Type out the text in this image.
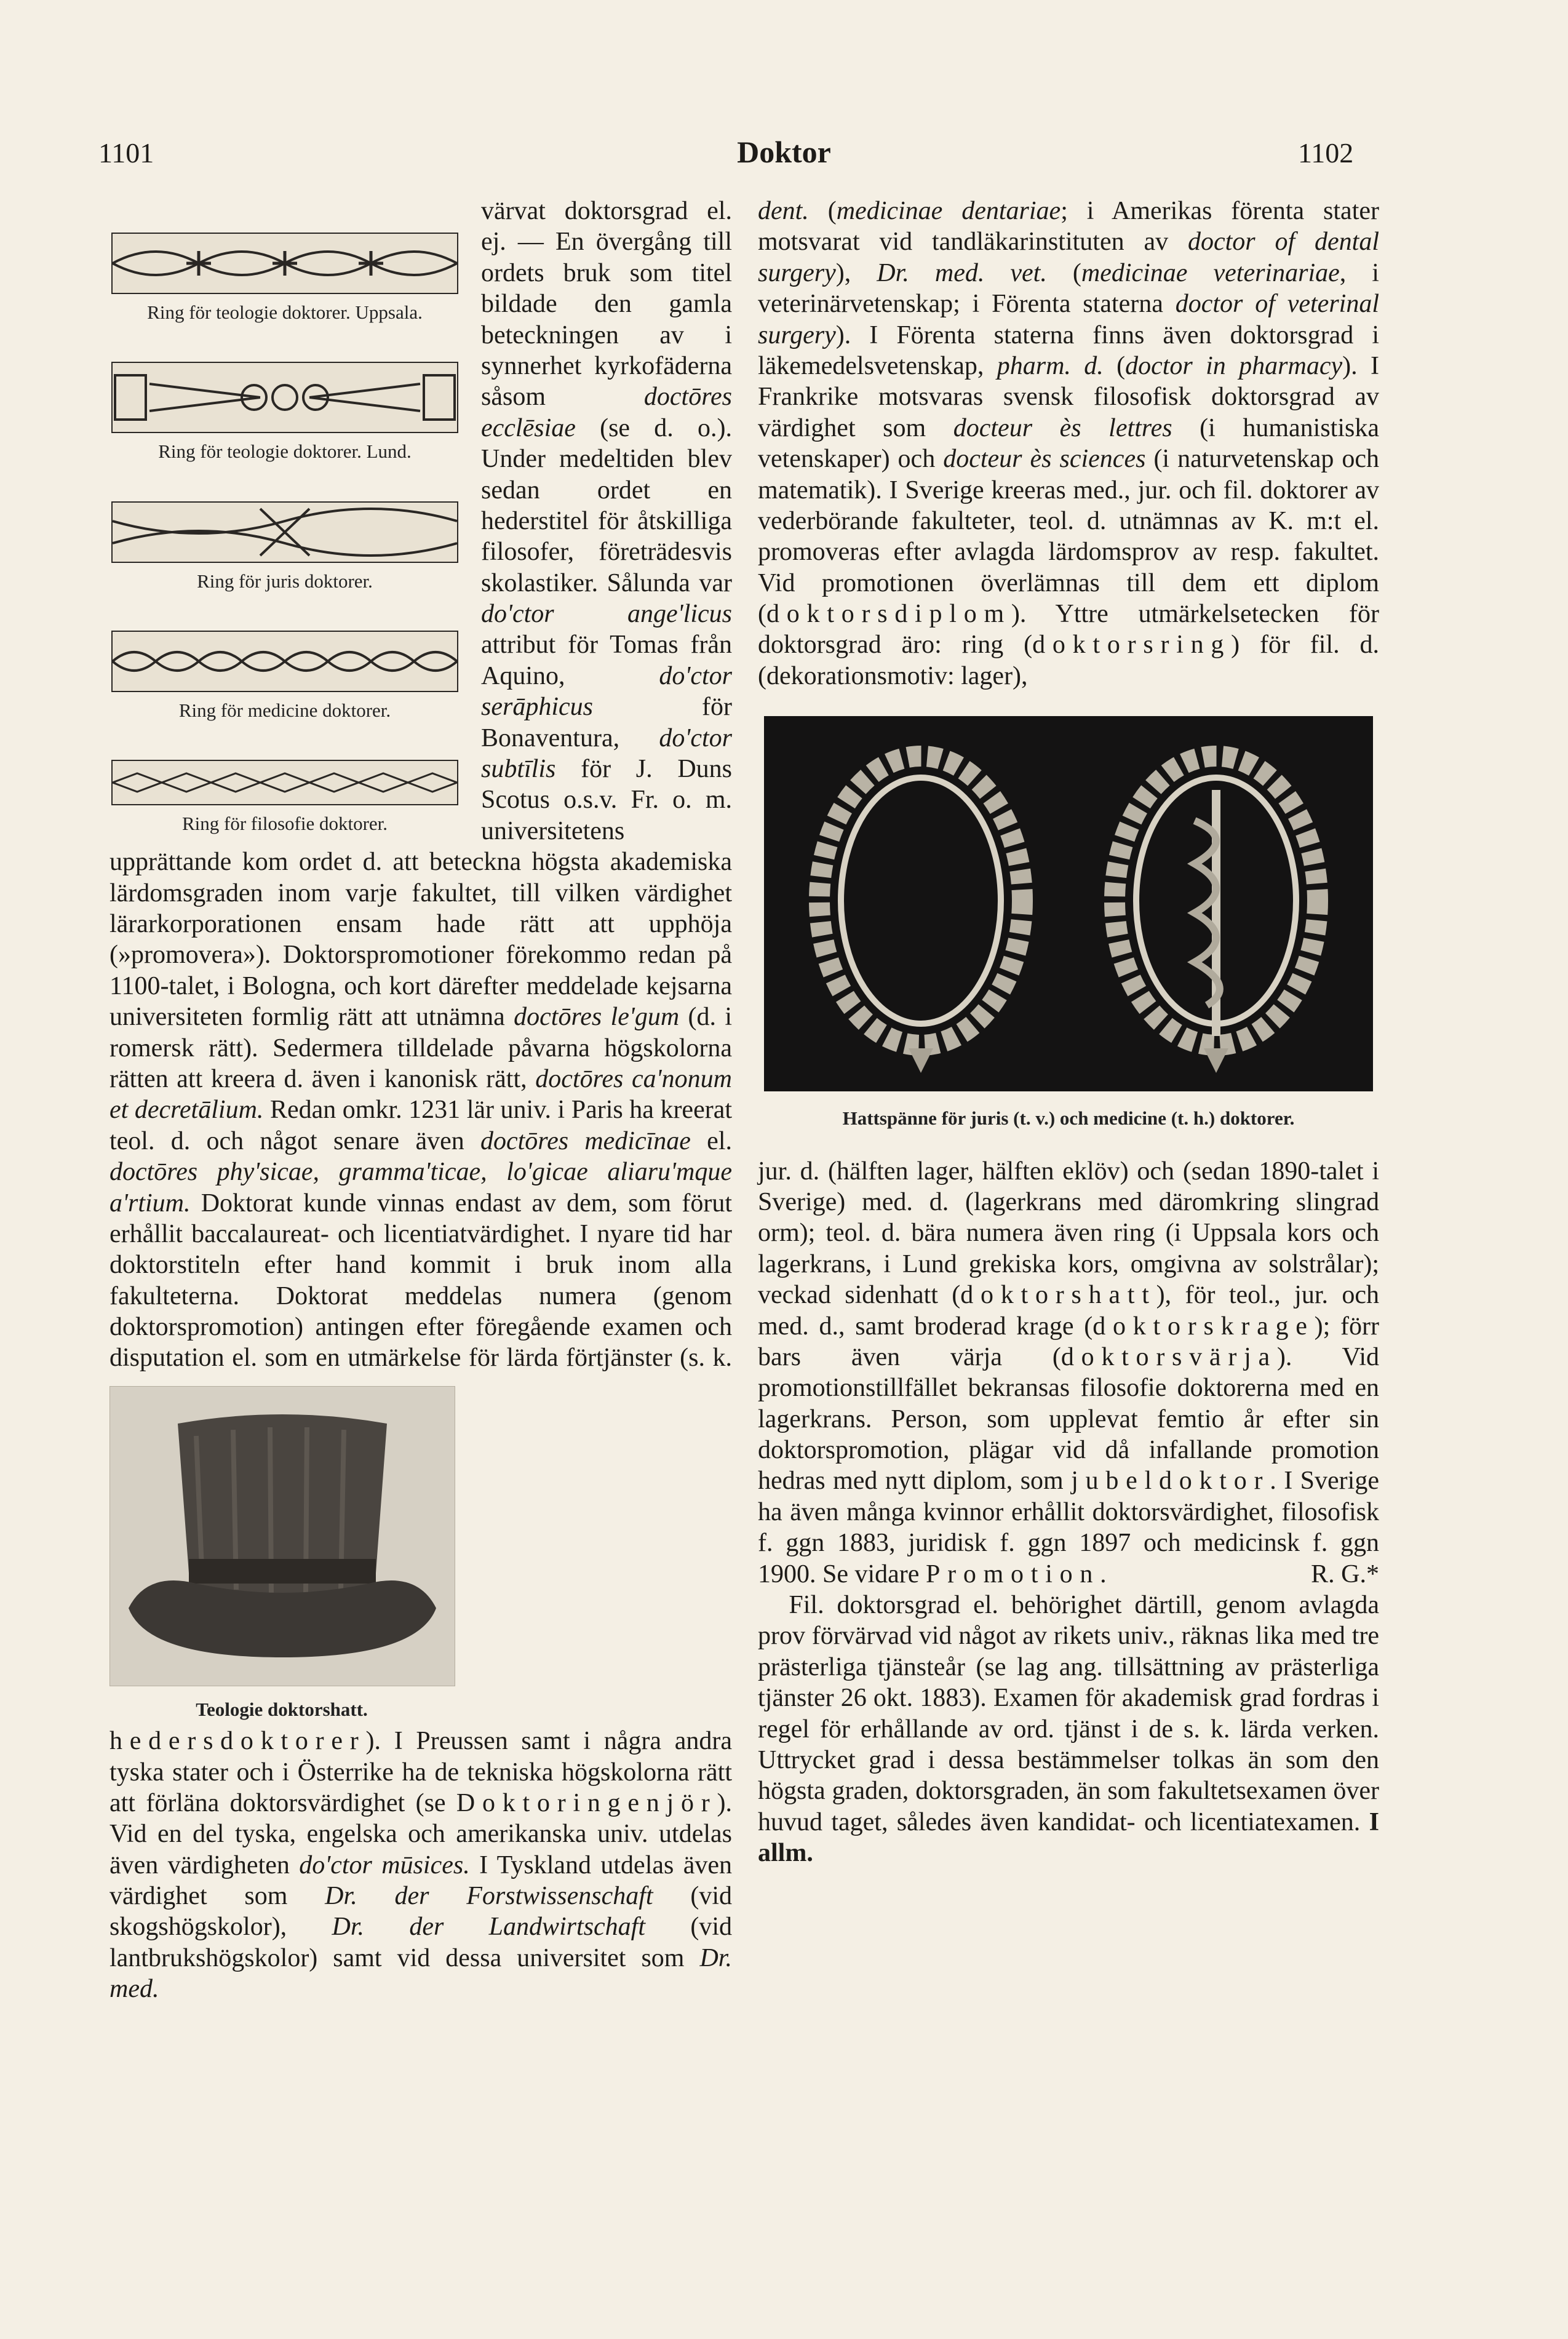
1101	Doktor	1102
Ring för teologie doktorer. Uppsala.
Ring för teologie doktorer. Lund.
Ring för juris doktorer.
Ring för medicine doktorer.
Ring för filosofie doktorer.

värvat doktorsgrad el. ej. — En övergång till ordets bruk som titel bildade den gamla beteckningen av i synnerhet kyrkofäderna såsom doctōres ecclēsiae (se d. o.). Under medeltiden blev sedan ordet en hederstitel för åtskilliga filosofer, företrädesvis skolastiker. Sålunda var do'ctor ange'licus attribut för Tomas från Aquino, do'ctor serāphicus för Bonaventura, do'ctor subtīlis för J. Duns Scotus o.s.v. Fr. o. m. universitetens upprättande kom ordet d. att beteckna högsta akademiska lärdomsgraden inom varje fakultet, till vilken värdighet lärarkorporationen ensam hade rätt att upphöja (»promovera»). Doktorspromotioner förekommo redan på 1100-talet, i Bologna, och kort därefter meddelade kejsarna universiteten formlig rätt att utnämna doctōres le'gum (d. i romersk rätt). Sedermera tilldelade påvarna högskolorna rätten att kreera d. även i kanonisk rätt, doctōres ca'nonum et decretālium. Redan omkr. 1231 lär univ. i Paris ha kreerat teol. d. och något senare även doctōres medicīnae el. doctōres phy'sicae, gramma'ticae, lo'gicae aliaru'mque a'rtium. Doktorat kunde vinnas endast av dem, som förut erhållit baccalaureat- och licentiatvärdighet. I nyare tid har doktorstiteln efter hand kommit i bruk inom alla fakulteterna. Doktorat meddelas numera (genom doktorspromotion) antingen efter föregående examen och disputation el. som en utmärkelse för lärda förtjänster (s. k.
Teologie doktorshatt.
hedersdoktorer). I Preussen samt i några andra tyska stater och i Österrike ha de tekniska högskolorna rätt att förläna doktorsvärdighet (se Doktoringenjör). Vid en del tyska, engelska och amerikanska univ. utdelas även värdigheten do'ctor mūsices. I Tyskland utdelas även värdighet som Dr. der Forstwissenschaft (vid skogshögskolor), Dr. der Landwirtschaft (vid lantbrukshögskolor) samt vid dessa universitet som Dr. med.

dent. (medicinae dentariae; i Amerikas förenta stater motsvarat vid tandläkarinstituten av doctor of dental surgery), Dr. med. vet. (medicinae veterinariae, i veterinärvetenskap; i Förenta staterna doctor of veterinal surgery). I Förenta staterna finns även doktorsgrad i läkemedelsvetenskap, pharm. d. (doctor in pharmacy). I Frankrike motsvaras svensk filosofisk doktorsgrad av värdighet som docteur ès lettres (i humanistiska vetenskaper) och docteur ès sciences (i naturvetenskap och matematik). I Sverige kreeras med., jur. och fil. doktorer av vederbörande fakulteter, teol. d. utnämnas av K. m:t el. promoveras efter avlagda lärdomsprov av resp. fakultet. Vid promotionen överlämnas till dem ett diplom (doktorsdiplom). Yttre utmärkelsetecken för doktorsgrad äro: ring (doktorsring) för fil. d. (dekorationsmotiv: lager),

Hattspänne för juris (t. v.) och medicine (t. h.) doktorer.

jur. d. (hälften lager, hälften eklöv) och (sedan 1890-talet i Sverige) med. d. (lagerkrans med däromkring slingrad orm); teol. d. bära numera även ring (i Uppsala kors och lagerkrans, i Lund grekiska kors, omgivna av solstrålar); veckad sidenhatt (doktorshatt), för teol., jur. och med. d., samt broderad krage (doktorskrage); förr bars även värja (doktorsvärja). Vid promotionstillfället bekransas filosofie doktorerna med en lagerkrans. Person, som upplevat femtio år efter sin doktorspromotion, plägar vid då infallande promotion hedras med nytt diplom, som jubeldoktor. I Sverige ha även många kvinnor erhållit doktorsvärdighet, filosofisk f. ggn 1883, juridisk f. ggn 1897 och medicinsk f. ggn 1900. Se vidare Promotion.	R. G.*

Fil. doktorsgrad el. behörighet därtill, genom avlagda prov förvärvad vid något av rikets univ., räknas lika med tre prästerliga tjänsteår (se lag ang. tillsättning av prästerliga tjänster 26 okt. 1883). Examen för akademisk grad fordras i regel för erhållande av ord. tjänst i de s. k. lärda verken. Uttrycket grad i dessa bestämmelser tolkas än som den högsta graden, doktorsgraden, än som fakultetsexamen över huvud taget, således även kandidat- och licentiatexamen. I allm.
